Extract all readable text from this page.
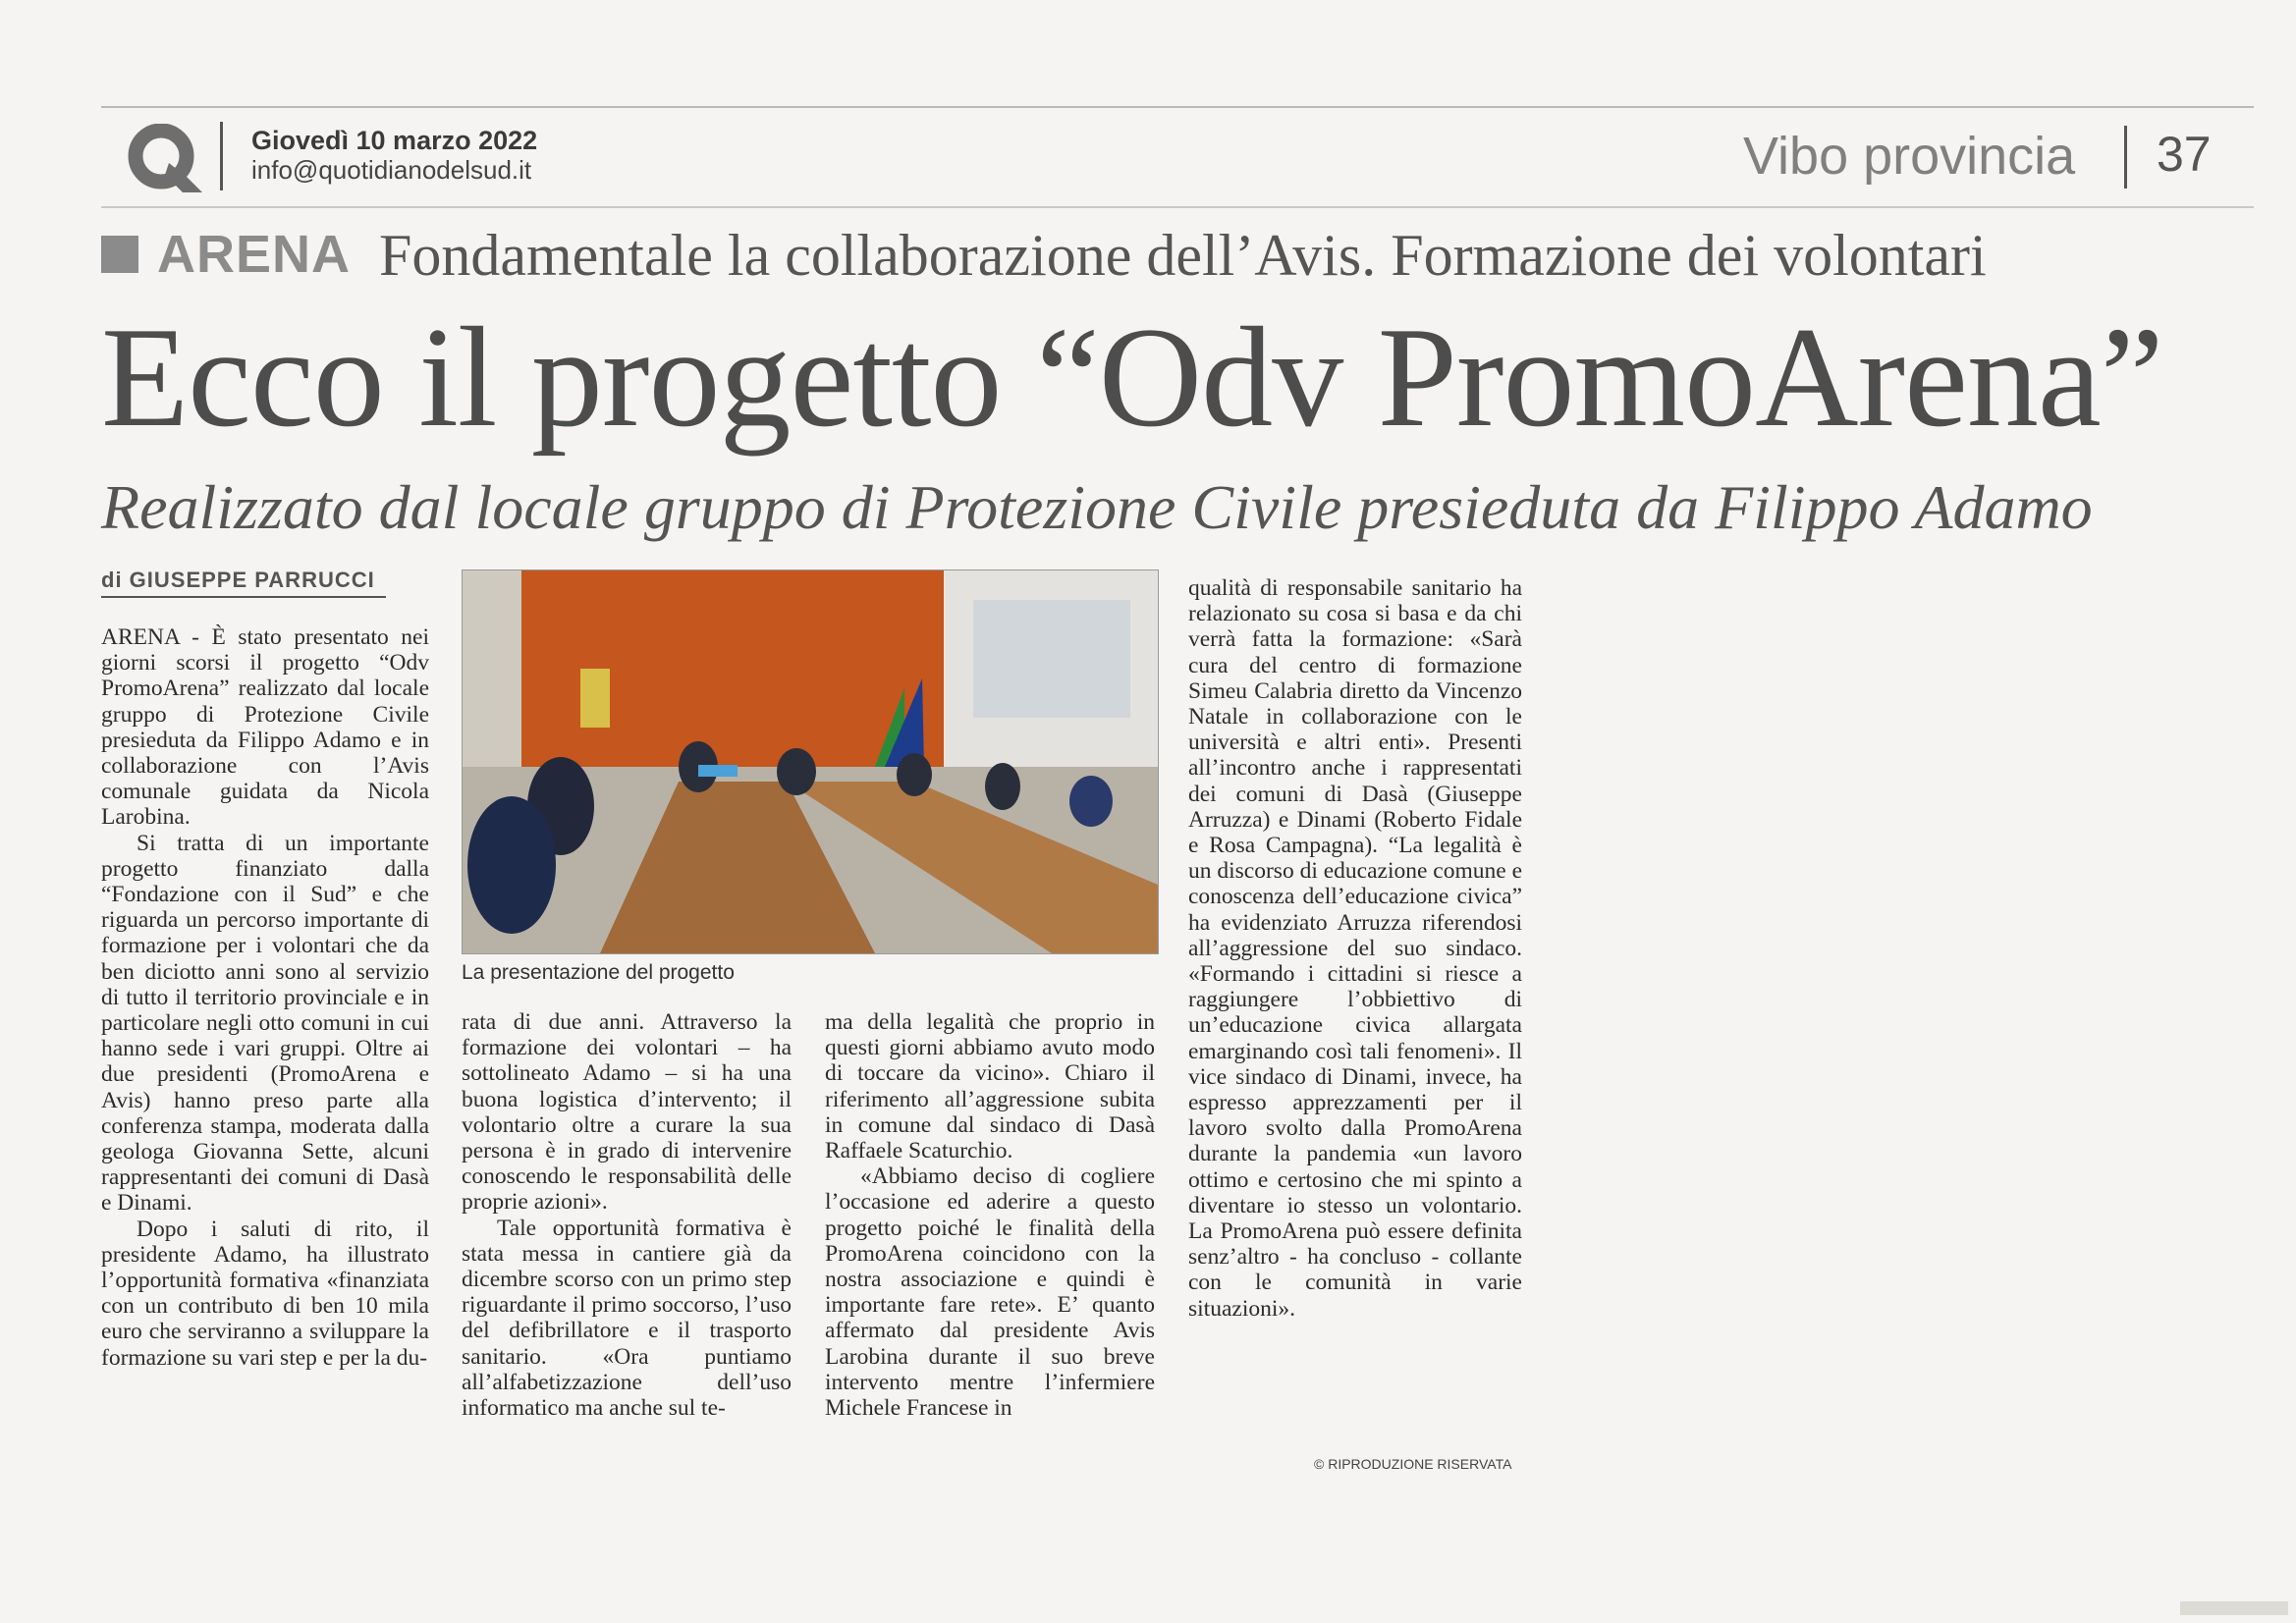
Giovedì 10 marzo 2022
info@quotidianodelsud.it	Vibo provincia 37
ARENA Fondamentale la collaborazione dell’Avis. Formazione dei volontari
Ecco il progetto “Odv PromoArena”
Realizzato dal locale gruppo di Protezione Civile presieduta da Filippo Adamo
di GIUSEPPE PARRUCCI

ARENA - È stato presentato nei giorni scorsi il progetto “Odv PromoArena” realizzato dal locale gruppo di Protezione Civile presieduta da Filippo Adamo e in collaborazione con l’Avis comunale guidata da Nicola Larobina.

Si tratta di un importante progetto finanziato dalla “Fondazione con il Sud” e che riguarda un percorso importante di formazione per i volontari che da ben diciotto anni sono al servizio di tutto il territorio provinciale e in particolare negli otto comuni in cui hanno sede i vari gruppi. Oltre ai due presidenti (PromoArena e Avis) hanno preso parte alla conferenza stampa, moderata dalla geologa Giovanna Sette, alcuni rappresentanti dei comuni di Dasà e Dinami.

Dopo i saluti di rito, il presidente Adamo, ha illustrato l’opportunità formativa «finanziata con un contributo di ben 10 mila euro che serviranno a sviluppare la formazione su vari step e per la du-

La presentazione del progetto

rata di due anni. Attraverso la formazione dei volontari – ha sottolineato Adamo – si ha una buona logistica d’intervento; il volontario oltre a curare la sua persona è in grado di intervenire conoscendo le responsabilità delle proprie azioni».

Tale opportunità formativa è stata messa in cantiere già da dicembre scorso con un primo step riguardante il primo soccorso, l’uso del defibrillatore e il trasporto sanitario. «Ora puntiamo all’alfabetizzazione dell’uso informatico ma anche sul te-

ma della legalità che proprio in questi giorni abbiamo avuto modo di toccare da vicino». Chiaro il riferimento all’aggressione subita in comune dal sindaco di Dasà Raffaele Scaturchio.

«Abbiamo deciso di cogliere l’occasione ed aderire a questo progetto poiché le finalità della PromoArena coincidono con la nostra associazione e quindi è importante fare rete». E’ quanto affermato dal presidente Avis Larobina durante il suo breve intervento mentre l’infermiere Michele Francese in

qualità di responsabile sanitario ha relazionato su cosa si basa e da chi verrà fatta la formazione: «Sarà cura del centro di formazione Simeu Calabria diretto da Vincenzo Natale in collaborazione con le università e altri enti». Presenti all’incontro anche i rappresentati dei comuni di Dasà (Giuseppe Arruzza) e Dinami (Roberto Fidale e Rosa Campagna). “La legalità è un discorso di educazione comune e conoscenza dell’educazione civica” ha evidenziato Arruzza riferendosi all’aggressione del suo sindaco. «Formando i cittadini si riesce a raggiungere l’obbiettivo di un’educazione civica allargata emarginando così tali fenomeni». Il vice sindaco di Dinami, invece, ha espresso apprezzamenti per il lavoro svolto dalla PromoArena durante la pandemia «un lavoro ottimo e certosino che mi spinto a diventare io stesso un volontario. La PromoArena può essere definita senz’altro - ha concluso - collante con le comunità in varie situazioni».

© RIPRODUZIONE RISERVATA
